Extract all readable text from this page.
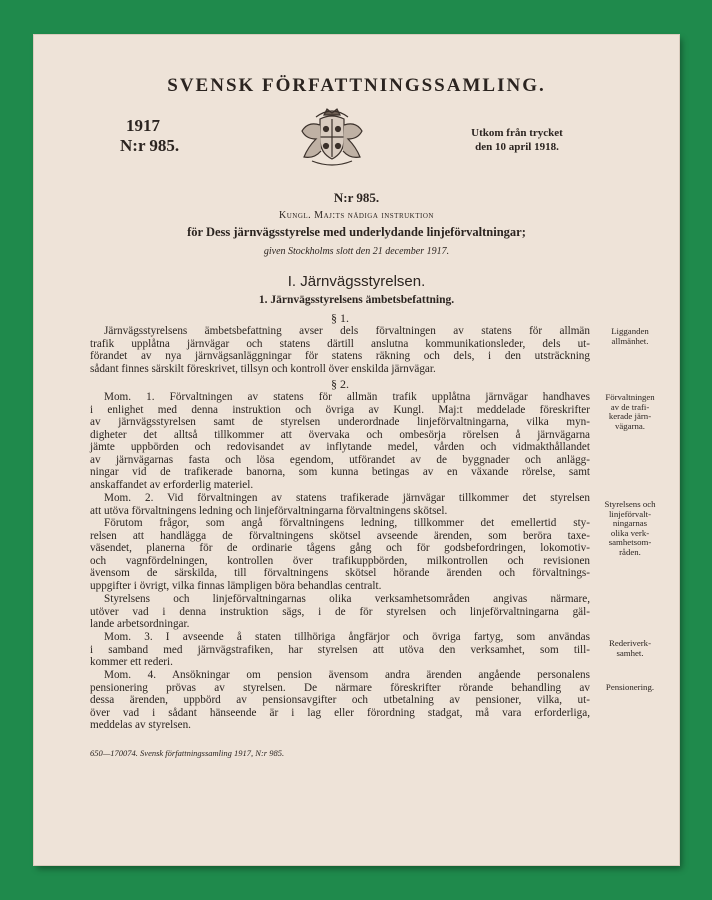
SVENSK FÖRFATTNINGSSAMLING.
1917
N:r 985.
Utkom från trycket
den 10 april 1918.
N:r 985.
Kungl. Maj:ts nådiga instruktion
för Dess järnvägsstyrelse med underlydande linjeförvaltningar;
given Stockholms slott den 21 december 1917.
I. Järnvägsstyrelsen.
1. Järnvägsstyrelsens ämbetsbefattning.
§ 1.
Järnvägsstyrelsens ämbetsbefattning avser dels förvaltningen av statens för allmän
trafik upplåtna järnvägar och statens därtill anslutna kommunikationsleder, dels ut-
förandet av nya järnvägsanläggningar för statens räkning och dels, i den utsträckning
sådant finnes särskilt föreskrivet, tillsyn och kontroll över enskilda järnvägar.
§ 2.
Mom. 1. Förvaltningen av statens för allmän trafik upplåtna järnvägar handhaves
i enlighet med denna instruktion och övriga av Kungl. Maj:t meddelade föreskrifter
av järnvägsstyrelsen samt de styrelsen underordnade linjeförvaltningarna, vilka myn-
digheter det alltså tillkommer att övervaka och ombesörja rörelsen å järnvägarna
jämte uppbörden och redovisandet av inflytande medel, vården och vidmakthållandet
av järnvägarnas fasta och lösa egendom, utförandet av de byggnader och anlägg-
ningar vid de trafikerade banorna, som kunna betingas av en växande rörelse, samt
anskaffandet av erforderlig materiel.
Mom. 2. Vid förvaltningen av statens trafikerade järnvägar tillkommer det styrelsen
att utöva förvaltningens ledning och linjeförvaltningarna förvaltningens skötsel.
Förutom frågor, som angå förvaltningens ledning, tillkommer det emellertid sty-
relsen att handlägga de förvaltningens skötsel avseende ärenden, som beröra taxe-
väsendet, planerna för de ordinarie tågens gång och för godsbefordringen, lokomotiv-
och vagnfördelningen, kontrollen över trafikuppbörden, milkontrollen och revisionen
ävensom de särskilda, till förvaltningens skötsel hörande ärenden och förvaltnings-
uppgifter i övrigt, vilka finnas lämpligen böra behandlas centralt.
Styrelsens och linjeförvaltningarnas olika verksamhetsområden angivas närmare,
utöver vad i denna instruktion sägs, i de för styrelsen och linjeförvaltningarna gäl-
lande arbetsordningar.
Mom. 3. I avseende å staten tillhöriga ångfärjor och övriga fartyg, som användas
i samband med järnvägstrafiken, har styrelsen att utöva den verksamhet, som till-
kommer ett rederi.
Mom. 4. Ansökningar om pension ävensom andra ärenden angående personalens
pensionering prövas av styrelsen. De närmare föreskrifter rörande behandling av
dessa ärenden, uppbörd av pensionsavgifter och utbetalning av pensioner, vilka, ut-
över vad i sådant hänseende är i lag eller förordning stadgat, må vara erforderliga,
meddelas av styrelsen.
Ligganden
allmänhet.
Förvaltningen
av de trafi-
kerade järn-
vägarna.
Styrelsens och
linjeförvalt-
ningarnas
olika verk-
samhetsom-
råden.
Rederiverk-
samhet.
Pensionering.
650—170074. Svensk författningssamling 1917, N:r 985.
